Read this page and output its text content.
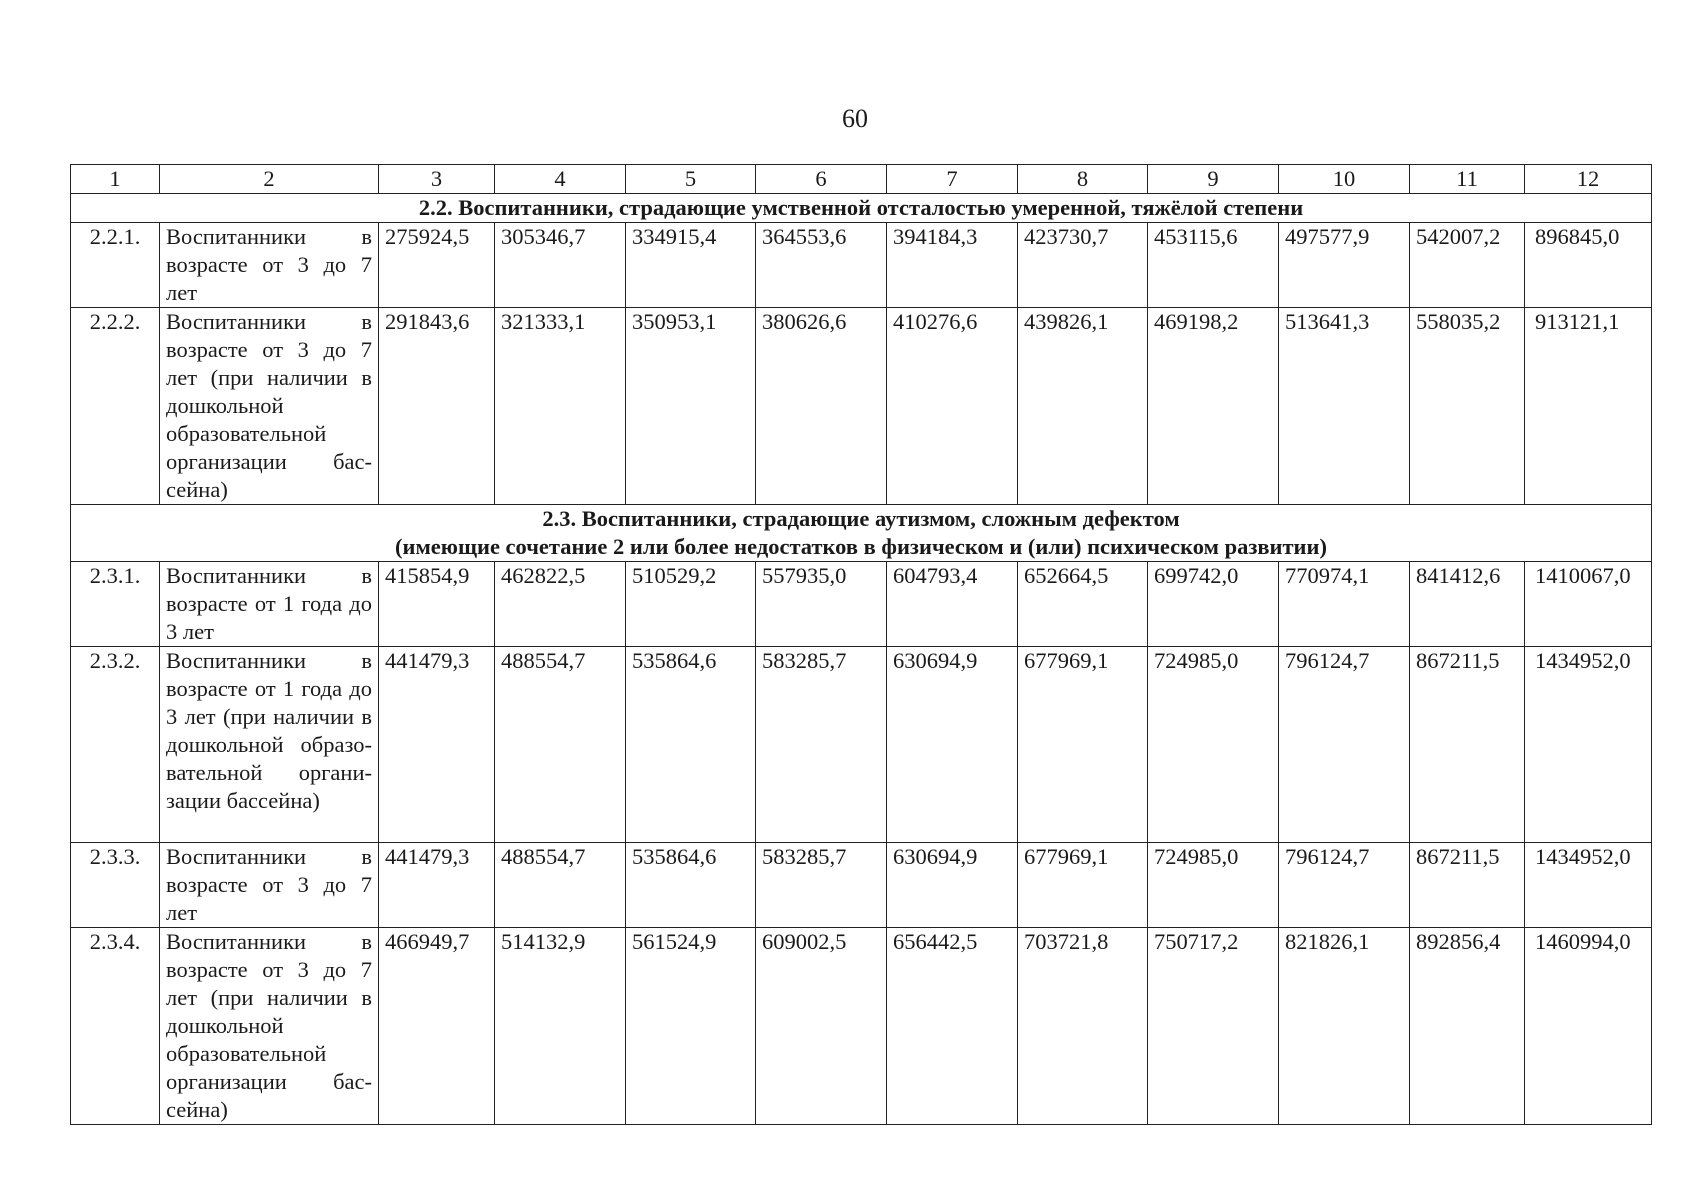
60
1	2	3	4	5	6	7	8	9	10	11	12

2.2. Воспитанники, страдающие умственной отсталостью умеренной, тяжёлой степени											

2.2.1.	Воспитанники в возрасте от 3 до 7 лет	275924,5	305346,7	334915,4	364553,6	394184,3	423730,7	453115,6	497577,9	542007,2	896845,0
2.2.2.	Воспитанники в возрасте от 3 до 7 лет (при наличии в дошкольной образовательной организации бассейна)	291843,6	321333,1	350953,1	380626,6	410276,6	439826,1	469198,2	513641,3	558035,2	913121,1

2.3. Воспитанники, страдающие аутизмом, сложным дефектом
(имеющие сочетание 2 или более недостатков в физическом и (или) психическом развитии)											

2.3.1.	Воспитанники в возрасте от 1 года до 3 лет	415854,9	462822,5	510529,2	557935,0	604793,4	652664,5	699742,0	770974,1	841412,6	1410067,0
2.3.2.	Воспитанники в возрасте от 1 года до 3 лет (при наличии в дошкольной образовательной организации бассейна)	441479,3	488554,7	535864,6	583285,7	630694,9	677969,1	724985,0	796124,7	867211,5	1434952,0
2.3.3.	Воспитанники в возрасте от 3 до 7 лет	441479,3	488554,7	535864,6	583285,7	630694,9	677969,1	724985,0	796124,7	867211,5	1434952,0
2.3.4.	Воспитанники в возрасте от 3 до 7 лет (при наличии в дошкольной образовательной организации бассейна)	466949,7	514132,9	561524,9	609002,5	656442,5	703721,8	750717,2	821826,1	892856,4	1460994,0
